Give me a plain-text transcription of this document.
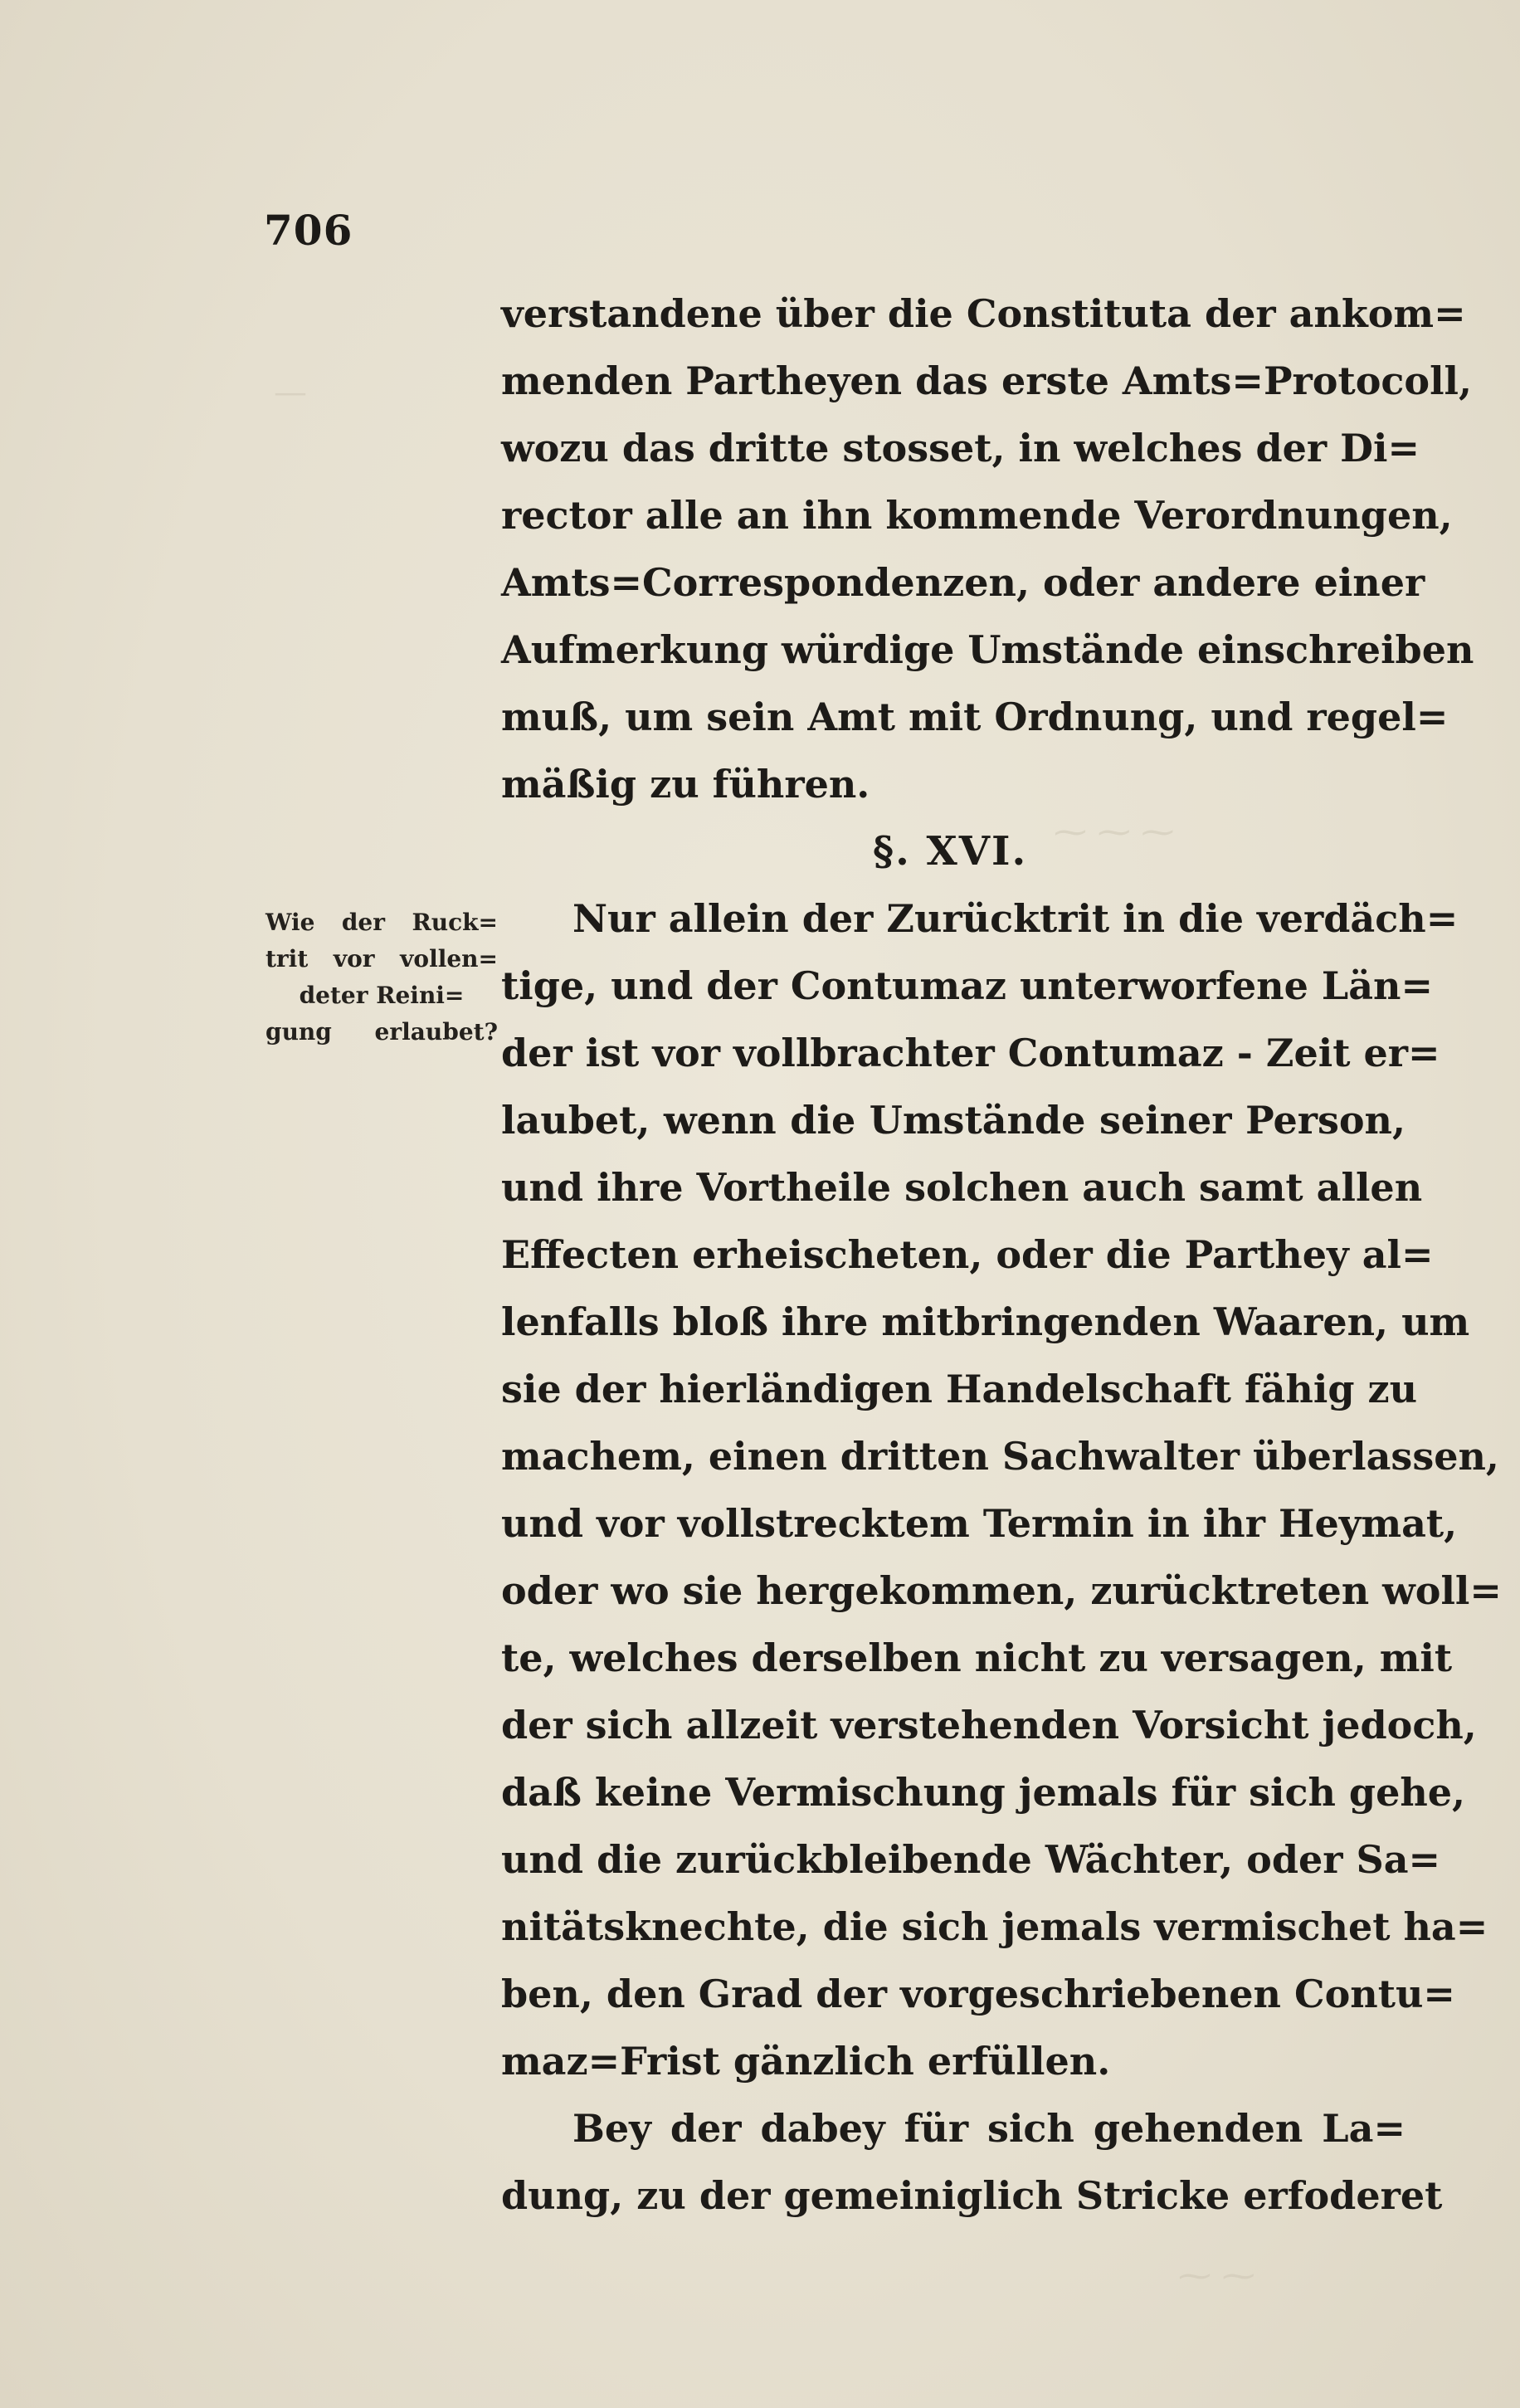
—
⁓ ⁓ ⁓
⁓ ⁓
706
verstandene über die Constituta der ankom=
menden Partheyen das erste Amts=Protocoll,
wozu das dritte stosset, in welches der Di=
rector alle an ihn kommende Verordnungen,
Amts=Correspondenzen, oder andere einer
Aufmerkung würdige Umstände einschreiben
muß, um sein Amt mit Ordnung, und regel=
mäßig zu führen.
§. XVI.
Nur allein der Zurücktrit in die verdäch=
tige, und der Contumaz unterworfene Län=
der ist vor vollbrachter Contumaz - Zeit er=
laubet, wenn die Umstände seiner Person,
und ihre Vortheile solchen auch samt allen
Effecten erheischeten, oder die Parthey al=
lenfalls bloß ihre mitbringenden Waaren, um
sie der hierländigen Handelschaft fähig zu
machem, einen dritten Sachwalter überlassen,
und vor vollstrecktem Termin in ihr Heymat,
oder wo sie hergekommen, zurücktreten woll=
te, welches derselben nicht zu versagen, mit
der sich allzeit verstehenden Vorsicht jedoch,
daß keine Vermischung jemals für sich gehe,
und die zurückbleibende Wächter, oder Sa=
nitätsknechte, die sich jemals vermischet ha=
ben, den Grad der vorgeschriebenen Contu=
maz=Frist gänzlich erfüllen.
Bey der dabey für sich gehenden La=
dung, zu der gemeiniglich Stricke erfoderet
Wie der Ruck=
trit vor vollen=
deter Reini=
gung erlaubet?
